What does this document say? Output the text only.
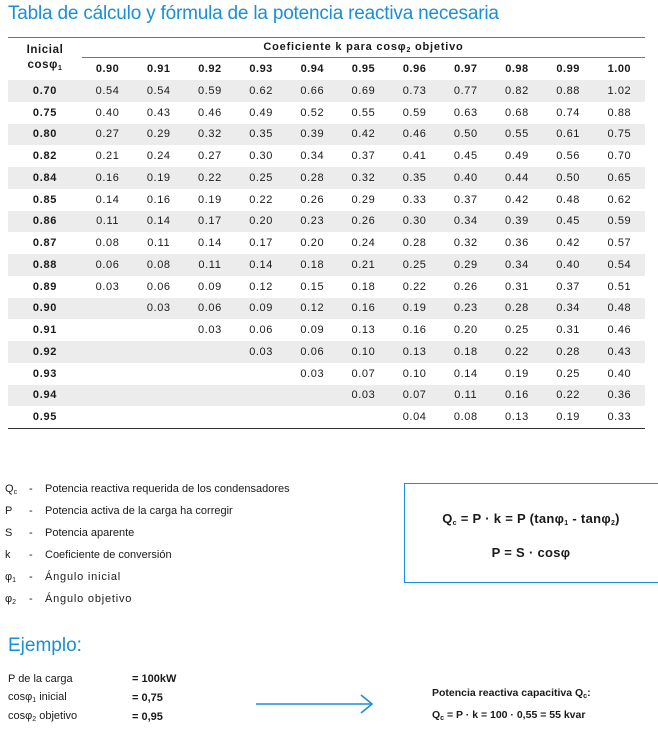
Tabla de cálculo y fórmula de la potencia reactiva necesaria
Inicial
cosφ$_1$	Coeficiente k para cosφ$_2$ objetivo										
	0.90	0.91	0.92	0.93	0.94	0.95	0.96	0.97	0.98	0.99	1.00
0.70	0.54	0.54	0.59	0.62	0.66	0.69	0.73	0.77	0.82	0.88	1.02
0.75	0.40	0.43	0.46	0.49	0.52	0.55	0.59	0.63	0.68	0.74	0.88
0.80	0.27	0.29	0.32	0.35	0.39	0.42	0.46	0.50	0.55	0.61	0.75
0.82	0.21	0.24	0.27	0.30	0.34	0.37	0.41	0.45	0.49	0.56	0.70
0.84	0.16	0.19	0.22	0.25	0.28	0.32	0.35	0.40	0.44	0.50	0.65
0.85	0.14	0.16	0.19	0.22	0.26	0.29	0.33	0.37	0.42	0.48	0.62
0.86	0.11	0.14	0.17	0.20	0.23	0.26	0.30	0.34	0.39	0.45	0.59
0.87	0.08	0.11	0.14	0.17	0.20	0.24	0.28	0.32	0.36	0.42	0.57
0.88	0.06	0.08	0.11	0.14	0.18	0.21	0.25	0.29	0.34	0.40	0.54
0.89	0.03	0.06	0.09	0.12	0.15	0.18	0.22	0.26	0.31	0.37	0.51
0.90		0.03	0.06	0.09	0.12	0.16	0.19	0.23	0.28	0.34	0.48
0.91			0.03	0.06	0.09	0.13	0.16	0.20	0.25	0.31	0.46
0.92				0.03	0.06	0.10	0.13	0.18	0.22	0.28	0.43
0.93					0.03	0.07	0.10	0.14	0.19	0.25	0.40
0.94						0.03	0.07	0.11	0.16	0.22	0.36
0.95							0.04	0.08	0.13	0.19	0.33
$Q_c$	-	Potencia reactiva requerida de los condensadores
P	-	Potencia activa de la carga ha corregir
S	-	Potencia aparente
k	-	Coeficiente de conversión
$\varphi_1$	-	Ángulo inicial
$\varphi_2$	-	Ángulo objetivo
$Q_c = P \cdot k = P$ (tanφ$_1$ - tanφ$_2$)
P = S · cosφ
Ejemplo:
P de la carga	= 100kW
cosφ$_1$ inicial	= 0,75
cosφ$_2$ objetivo	= 0,95
Potencia reactiva capacitiva $Q_c$:
$Q_c = P \cdot k = 100 \cdot 0,55 = 55$ kvar
